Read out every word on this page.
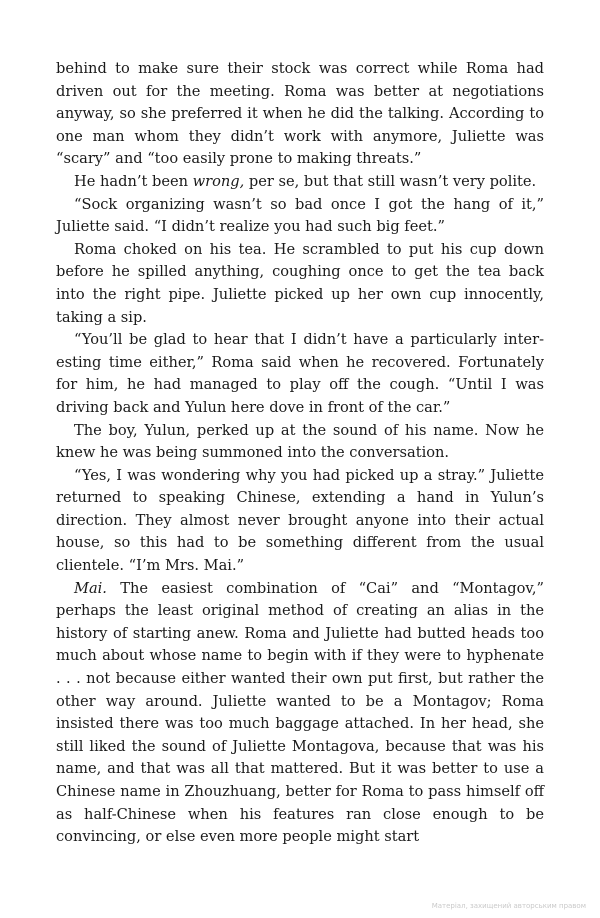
behind to make sure their stock was correct while Roma had driven out for the meeting. Roma was better at negotiations anyway, so she preferred it when he did the talking. According to one man whom they didn’t work with anymore, Juliette was “scary” and “too easily prone to making threats.”

He hadn’t been wrong, per se, but that still wasn’t very polite.

“Sock organizing wasn’t so bad once I got the hang of it,” Juliette said. “I didn’t realize you had such big feet.”

Roma choked on his tea. He scrambled to put his cup down before he spilled anything, coughing once to get the tea back into the right pipe. Juliette picked up her own cup innocently, taking a sip.

“You’ll be glad to hear that I didn’t have a particularly interesting time either,” Roma said when he recovered. Fortunately for him, he had managed to play off the cough. “Until I was driving back and Yulun here dove in front of the car.”

The boy, Yulun, perked up at the sound of his name. Now he knew he was being summoned into the conversation.

“Yes, I was wondering why you had picked up a stray.” Juliette returned to speaking Chinese, extending a hand in Yulun’s direction. They almost never brought anyone into their actual house, so this had to be something different from the usual clientele. “I’m Mrs. Mai.”

Mai. The easiest combination of “Cai” and “Montagov,” perhaps the least original method of creating an alias in the history of starting anew. Roma and Juliette had butted heads too much about whose name to begin with if they were to hyphenate . . . not because either wanted their own put first, but rather the other way around. Juliette wanted to be a Montagov; Roma insisted there was too much baggage attached. In her head, she still liked the sound of Juliette Montagova, because that was his name, and that was all that mattered. But it was better to use a Chinese name in Zhouzhuang, better for Roma to pass himself off as half-Chinese when his features ran close enough to be convincing, or else even more people might start

Матеріал, захищений авторським правом
